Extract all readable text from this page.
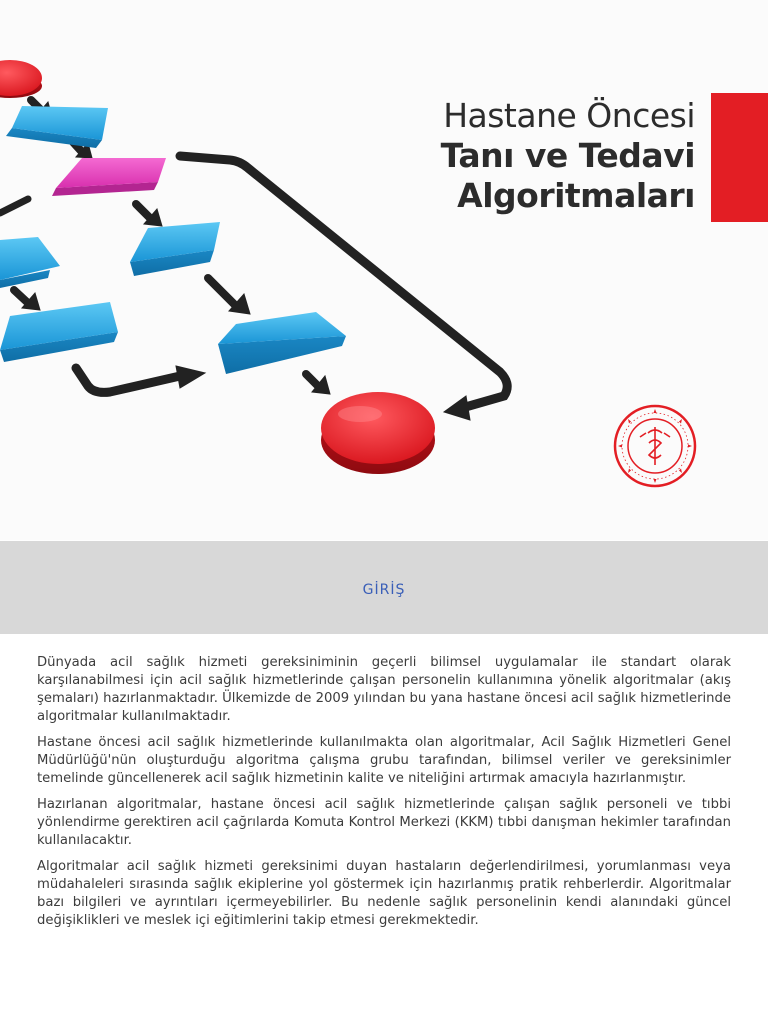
Hastane Öncesi
Tanı ve Tedavi
Algoritmaları
GİRİŞ

Dünyada acil sağlık hizmeti gereksiniminin geçerli bilimsel uygulamalar ile standart olarak karşılanabilmesi için acil sağlık hizmetlerinde çalışan personelin kullanımına yönelik algoritmalar (akış şemaları) hazırlanmaktadır. Ülkemizde de 2009 yılından bu yana hastane öncesi acil sağlık hizmetlerinde algoritmalar kullanılmaktadır.

Hastane öncesi acil sağlık hizmetlerinde kullanılmakta olan algoritmalar, Acil Sağlık Hizmetleri Genel Müdürlüğü'nün oluşturduğu algoritma çalışma grubu tarafından, bilimsel veriler ve gereksinimler temelinde güncellenerek acil sağlık hizmetinin kalite ve niteliğini artırmak amacıyla hazırlanmıştır.

Hazırlanan algoritmalar, hastane öncesi acil sağlık hizmetlerinde çalışan sağlık personeli ve tıbbi yönlendirme gerektiren acil çağrılarda Komuta Kontrol Merkezi (KKM) tıbbi danışman hekimler tarafından kullanılacaktır.

Algoritmalar acil sağlık hizmeti gereksinimi duyan hastaların değerlendirilmesi, yorumlanması veya müdahaleleri sırasında sağlık ekiplerine yol göstermek için hazırlanmış pratik rehberlerdir. Algoritmalar bazı bilgileri ve ayrıntıları içermeyebilirler. Bu nedenle sağlık personelinin kendi alanındaki güncel değişiklikleri ve meslek içi eğitimlerini takip etmesi gerekmektedir.
